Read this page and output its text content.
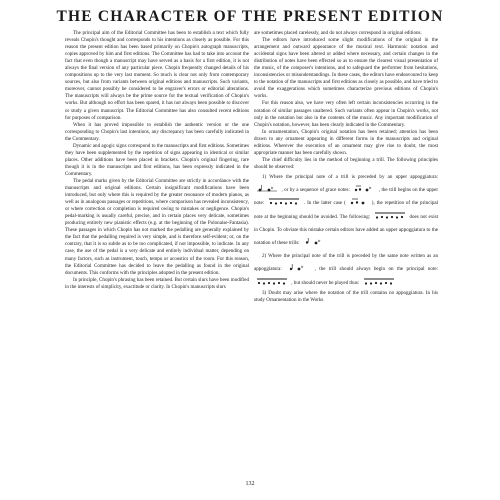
THE CHARACTER OF THE PRESENT EDITION

The principal aim of the Editorial Committee has been to establish a text which fully reveals Chopin's thought and corresponds to his intentions as closely as possible. For this reason the present edition has been based primarily on Chopin's autograph manuscripts, copies approved by him and first editions. The Committee has had to take into account the fact that even though a manuscript may have served as a basis for a first edition, it is not always the final version of any particular piece. Chopin frequently changed details of his compositions up to the very last moment. So much is clear not only from contemporary sources, but also from variants between original editions and manuscripts. Such variants, moreover, cannot possibly be considered to be engraver's errors or editorial alterations. The manuscripts will always be the prime source for the textual verification of Chopin's works. But although no effort has been spared, it has not always been possible to discover or study a given manuscript. The Editorial Committee has also consulted recent editions for purposes of comparison.

When it has proved impossible to establish the authentic version or the one corresponding to Chopin's last intentions, any discrepancy has been carefully indicated in the Commentary.

Dynamic and agogic signs correspond to the manuscripts and first editions. Sometimes they have been supplemented by the repetition of signs appearing in identical or similar places. Other additions have been placed in brackets. Chopin's original fingering, rare though it is in the manuscripts and first editions, has been expressly indicated in the Commentary.

The pedal marks given by the Editorial Committee are strictly in accordance with the manuscripts and original editions. Certain insignificant modifications have been introduced, but only where this is required by the greater resonance of modern pianos, as well as in analogous passages or repetitions, where comparison has revealed inconsistency, or where correction or completion is required owing to mistakes or negligence. Chopin's pedal-marking is usually careful, precise, and in certain places very delicate, sometimes producing entirely new pianistic effects (e.g. at the beginning of the Polonaise-Fantasia). These passages in which Chopin has not marked the pedalling are generally explained by the fact that the pedalling required is very simple, and is therefore self-evident; or, on the contrary, that it is so subtle as to be too complicated, if not impossible, to indicate. In any case, the use of the pedal is a very delicate and entirely individual matter, depending on many factors, such as instrument, touch, tempo or acoustics of the room. For this reason, the Editorial Committee has decided to leave the pedalling as found in the original documents. This conforms with the principles adopted in the present edition.

In principle, Chopin's phrasing has been retained. But certain slurs have been modified in the interests of simplicity, exactitude or clarity. In Chopin's manuscripts slurs

are sometimes placed carelessly, and do not always correspond in original editions.

The editors have introduced some slight modifications of the original in the arrangement and outward appearance of the musical text. Harmonic notation and accidental signs have been altered or added where necessary, and certain changes in the distribution of notes have been effected so as to ensure the clearest visual presentation of the music, of the composer's intentions, and to safeguard the performer from hesitations, inconsistencies or misunderstandings. In these cases, the editors have endeavoured to keep to the notation of the manuscripts and first editions as closely as possible, and have tried to avoid the exaggerations which sometimes characterize previous editions of Chopin's works.

For this reason also, we have very often left certain inconsistencies occurring in the notation of similar passages unaltered. Such variants often appear in Chopin's works, not only in the notation but also in the contents of the music. Any important modification of Chopin's notation, however, has been clearly indicated in the Commentary.

In ornamentation, Chopin's original notation has been retained; attention has been drawn to any ornament appearing in different forms in the manuscripts and original editions. Wherever the execution of an ornament may give rise to doubt, the most appropriate manner has been carefully shown.

The chief difficulty lies in the method of beginning a trill. The following principles should be observed:

1) Where the principal note of a trill is preceded by an upper appoggiatura:
tr , or by a sequence of grace notes:	tr , the trill begins on the upper note:	. In the latter case (	), the repetition of the principal note at the beginning should be avoided. The following:	does not exist in Chopin. To obviate this mistake certain editors have added an upper appoggiatura to the notation of these trills:	tr

2) Where the principal note of the trill is preceded by the same note written as an appoggiatura:	tr , the trill should always begin on the principal note:
, but should never be played thus:

3) Doubt may arise where the notation of the trill contains no appoggiatura. In his study Ornamentation in the Works

132
